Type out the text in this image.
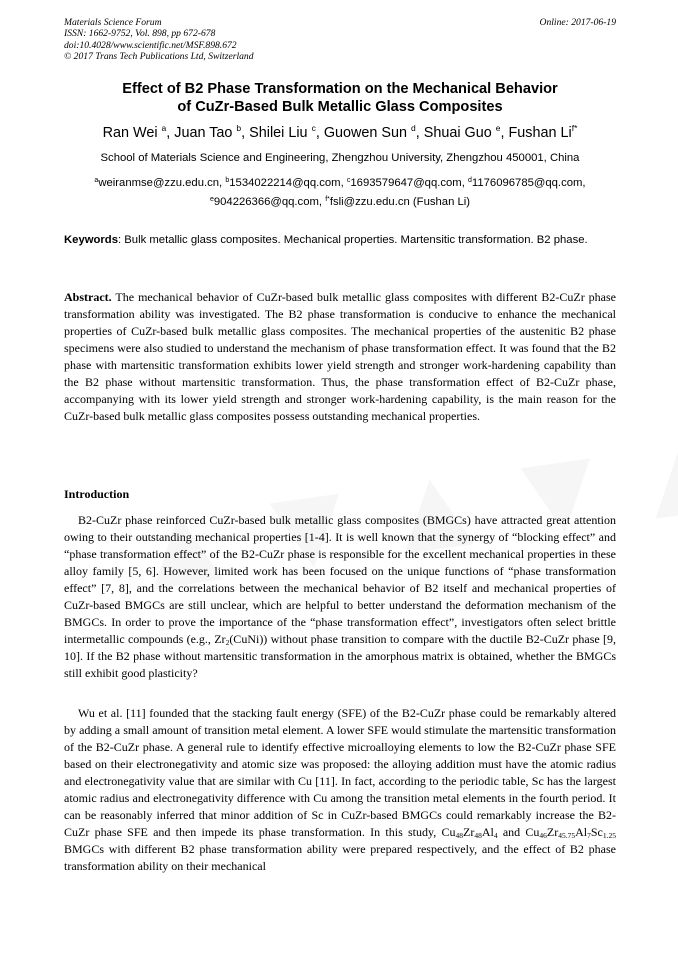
Materials Science Forum
ISSN: 1662-9752, Vol. 898, pp 672-678
doi:10.4028/www.scientific.net/MSF.898.672
© 2017 Trans Tech Publications Ltd, Switzerland
Online: 2017-06-19
Effect of B2 Phase Transformation on the Mechanical Behavior
of CuZr-Based Bulk Metallic Glass Composites
Ran Wei $^a$, Juan Tao $^b$, Shilei Liu $^c$, Guowen Sun $^d$, Shuai Guo $^e$, Fushan $Li^{f*}$
School of Materials Science and Engineering, Zhengzhou University, Zhengzhou 450001, China
$^a$weiranmse@zzu.edu.cn, $^b$1534022214@qq.com, $^c$1693579647@qq.com, $^d$1176096785@qq.com,
$^e$904226366@qq.com, $^{f*}$fsli@zzu.edu.cn (Fushan Li)
Keywords: Bulk metallic glass composites. Mechanical properties. Martensitic transformation. B2 phase.
Abstract. The mechanical behavior of CuZr-based bulk metallic glass composites with different B2-CuZr phase transformation ability was investigated. The B2 phase transformation is conducive to enhance the mechanical properties of CuZr-based bulk metallic glass composites. The mechanical properties of the austenitic B2 phase specimens were also studied to understand the mechanism of phase transformation effect. It was found that the B2 phase with martensitic transformation exhibits lower yield strength and stronger work-hardening capability than the B2 phase without martensitic transformation. Thus, the phase transformation effect of B2-CuZr phase, accompanying with its lower yield strength and stronger work-hardening capability, is the main reason for the CuZr-based bulk metallic glass composites possess outstanding mechanical properties.
Introduction
B2-CuZr phase reinforced CuZr-based bulk metallic glass composites (BMGCs) have attracted great attention owing to their outstanding mechanical properties [1-4]. It is well known that the synergy of “blocking effect” and “phase transformation effect” of the B2-CuZr phase is responsible for the excellent mechanical properties in these alloy family [5, 6]. However, limited work has been focused on the unique functions of “phase transformation effect” [7, 8], and the correlations between the mechanical behavior of B2 itself and mechanical properties of CuZr-based BMGCs are still unclear, which are helpful to better understand the deformation mechanism of the BMGCs. In order to prove the importance of the “phase transformation effect”, investigators often select brittle intermetallic compounds (e.g., $Zr_2(CuNi)$) without phase transition to compare with the ductile B2-CuZr phase [9, 10]. If the B2 phase without martensitic transformation in the amorphous matrix is obtained, whether the BMGCs still exhibit good plasticity?
Wu et al. [11] founded that the stacking fault energy (SFE) of the B2-CuZr phase could be remarkably altered by adding a small amount of transition metal element. A lower SFE would stimulate the martensitic transformation of the B2-CuZr phase. A general rule to identify effective microalloying elements to low the B2-CuZr phase SFE based on their electronegativity and atomic size was proposed: the alloying addition must have the atomic radius and electronegativity value that are similar with Cu [11]. In fact, according to the periodic table, Sc has the largest atomic radius and electronegativity difference with Cu among the transition metal elements in the fourth period. It can be reasonably inferred that minor addition of Sc in CuZr-based BMGCs could remarkably increase the B2-CuZr phase SFE and then impede its phase transformation. In this study, $Cu_{48}Zr_{48}Al_4$ and $Cu_{46}Zr_{45.75}Al_7Sc_{1.25}$ BMGCs with different B2 phase transformation ability were prepared respectively, and the effect of B2 phase transformation ability on their mechanical
